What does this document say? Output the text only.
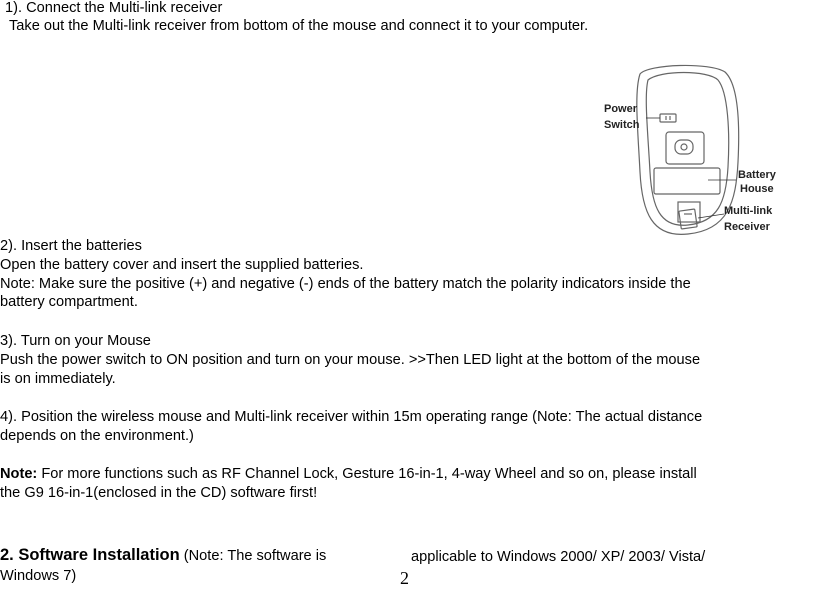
1). Connect the Multi-link receiver
Take out the Multi-link receiver from bottom of the mouse and connect it to your computer.
Power
Switch
Battery
House
Multi-link
Receiver
2). Insert the batteries
Open the battery cover and insert the supplied batteries.
Note: Make sure the positive (+) and negative (-) ends of the battery match the polarity indicators inside the
battery compartment.
3). Turn on your Mouse
Push the power switch to ON position and turn on your mouse. >>Then LED light at the bottom of the mouse
is on immediately.
4). Position the wireless mouse and Multi-link receiver within 15m operating range (Note: The actual distance
depends on the environment.)
Note: For more functions such as RF Channel Lock, Gesture 16-in-1, 4-way Wheel and so on, please install
the G9 16-in-1(enclosed in the CD) software first!
2. Software Installation (Note: The software is	applicable to Windows 2000/ XP/ 2003/ Vista/
Windows 7)	2
